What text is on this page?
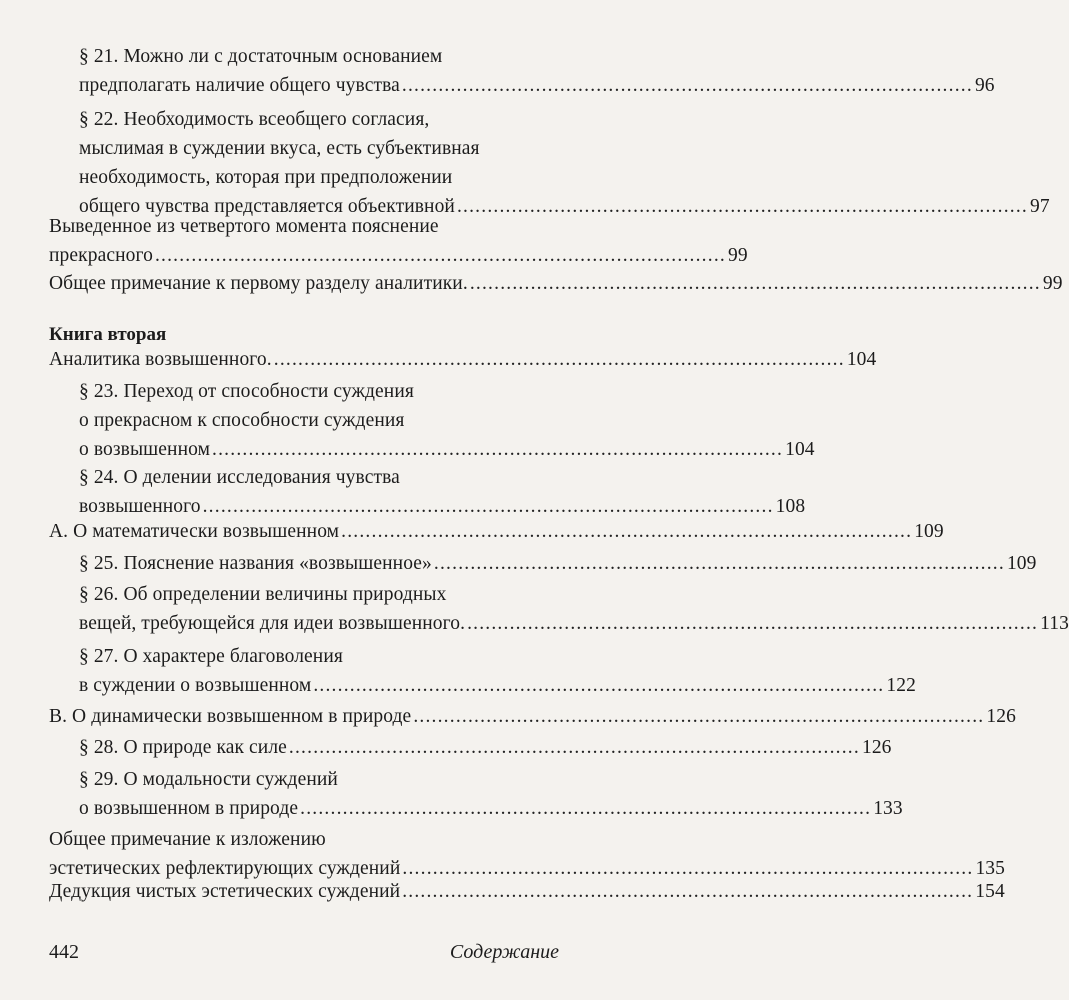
§ 21. Можно ли с достаточным основанием
предполагать наличие общего чувства .............................................................................................. 96
§ 22. Необходимость всеобщего согласия,
мыслимая в суждении вкуса, есть субъективная
необходимость, которая при предположении
общего чувства представляется объективной .............................................................................................. 97
Выведенное из четвертого момента пояснение
прекрасного .............................................................................................. 99
Общее примечание к первому разделу аналитики. .............................................................................................. 99
Книга вторая
Аналитика возвышенного. .............................................................................................. 104
§ 23. Переход от способности суждения
о прекрасном к способности суждения
о возвышенном .............................................................................................. 104
§ 24. О делении исследования чувства
возвышенного .............................................................................................. 108
А. О математически возвышенном .............................................................................................. 109
§ 25. Пояснение названия «возвышенное» .............................................................................................. 109
§ 26. Об определении величины природных
вещей, требующейся для идеи возвышенного. .............................................................................................. 113
§ 27. О характере благоволения
в суждении о возвышенном .............................................................................................. 122
В. О динамически возвышенном в природе .............................................................................................. 126
§ 28. О природе как силе .............................................................................................. 126
§ 29. О модальности суждений
о возвышенном в природе .............................................................................................. 133
Общее примечание к изложению
эстетических рефлектирующих суждений .............................................................................................. 135
Дедукция чистых эстетических суждений .............................................................................................. 154
442	Содержание
